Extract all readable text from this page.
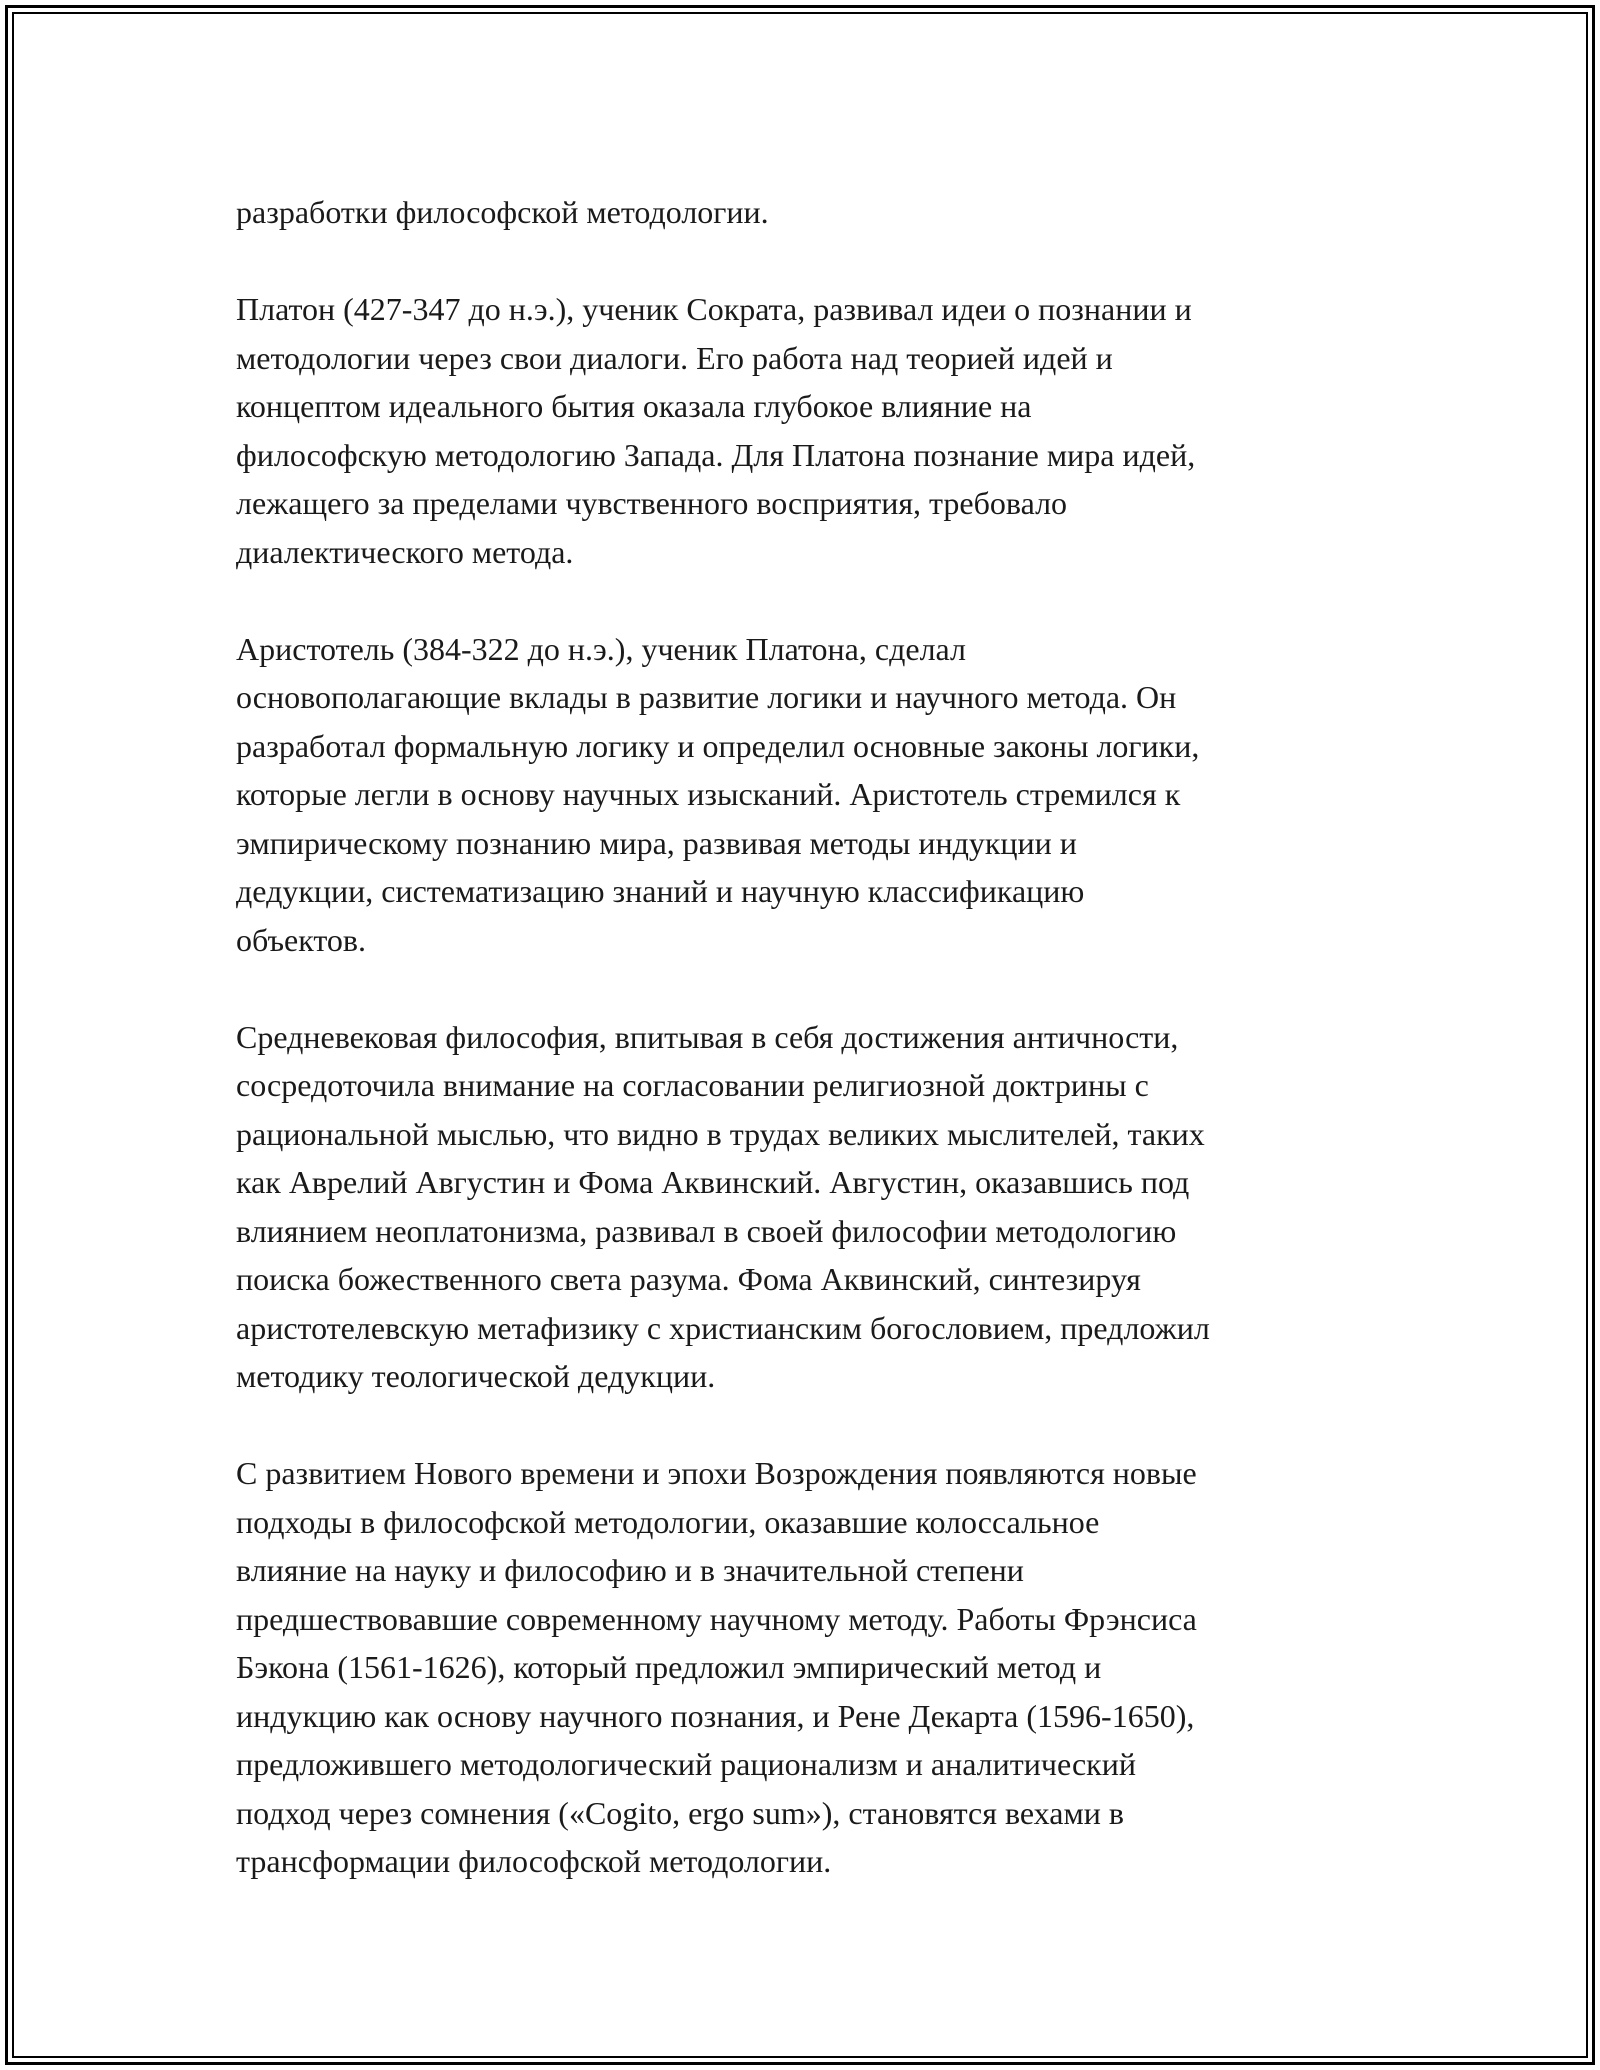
разработки философской методологии.

Платон (427-347 до н.э.), ученик Сократа, развивал идеи о познании и
методологии через свои диалоги. Его работа над теорией идей и
концептом идеального бытия оказала глубокое влияние на
философскую методологию Запада. Для Платона познание мира идей,
лежащего за пределами чувственного восприятия, требовало
диалектического метода.

Аристотель (384-322 до н.э.), ученик Платона, сделал
основополагающие вклады в развитие логики и научного метода. Он
разработал формальную логику и определил основные законы логики,
которые легли в основу научных изысканий. Аристотель стремился к
эмпирическому познанию мира, развивая методы индукции и
дедукции, систематизацию знаний и научную классификацию
объектов.

Средневековая философия, впитывая в себя достижения античности,
сосредоточила внимание на согласовании религиозной доктрины с
рациональной мыслью, что видно в трудах великих мыслителей, таких
как Аврелий Августин и Фома Аквинский. Августин, оказавшись под
влиянием неоплатонизма, развивал в своей философии методологию
поиска божественного света разума. Фома Аквинский, синтезируя
аристотелевскую метафизику с христианским богословием, предложил
методику теологической дедукции.

С развитием Нового времени и эпохи Возрождения появляются новые
подходы в философской методологии, оказавшие колоссальное
влияние на науку и философию и в значительной степени
предшествовавшие современному научному методу. Работы Фрэнсиса
Бэкона (1561-1626), который предложил эмпирический метод и
индукцию как основу научного познания, и Рене Декарта (1596-1650),
предложившего методологический рационализм и аналитический
подход через сомнения («Cogito, ergo sum»), становятся вехами в
трансформации философской методологии.
